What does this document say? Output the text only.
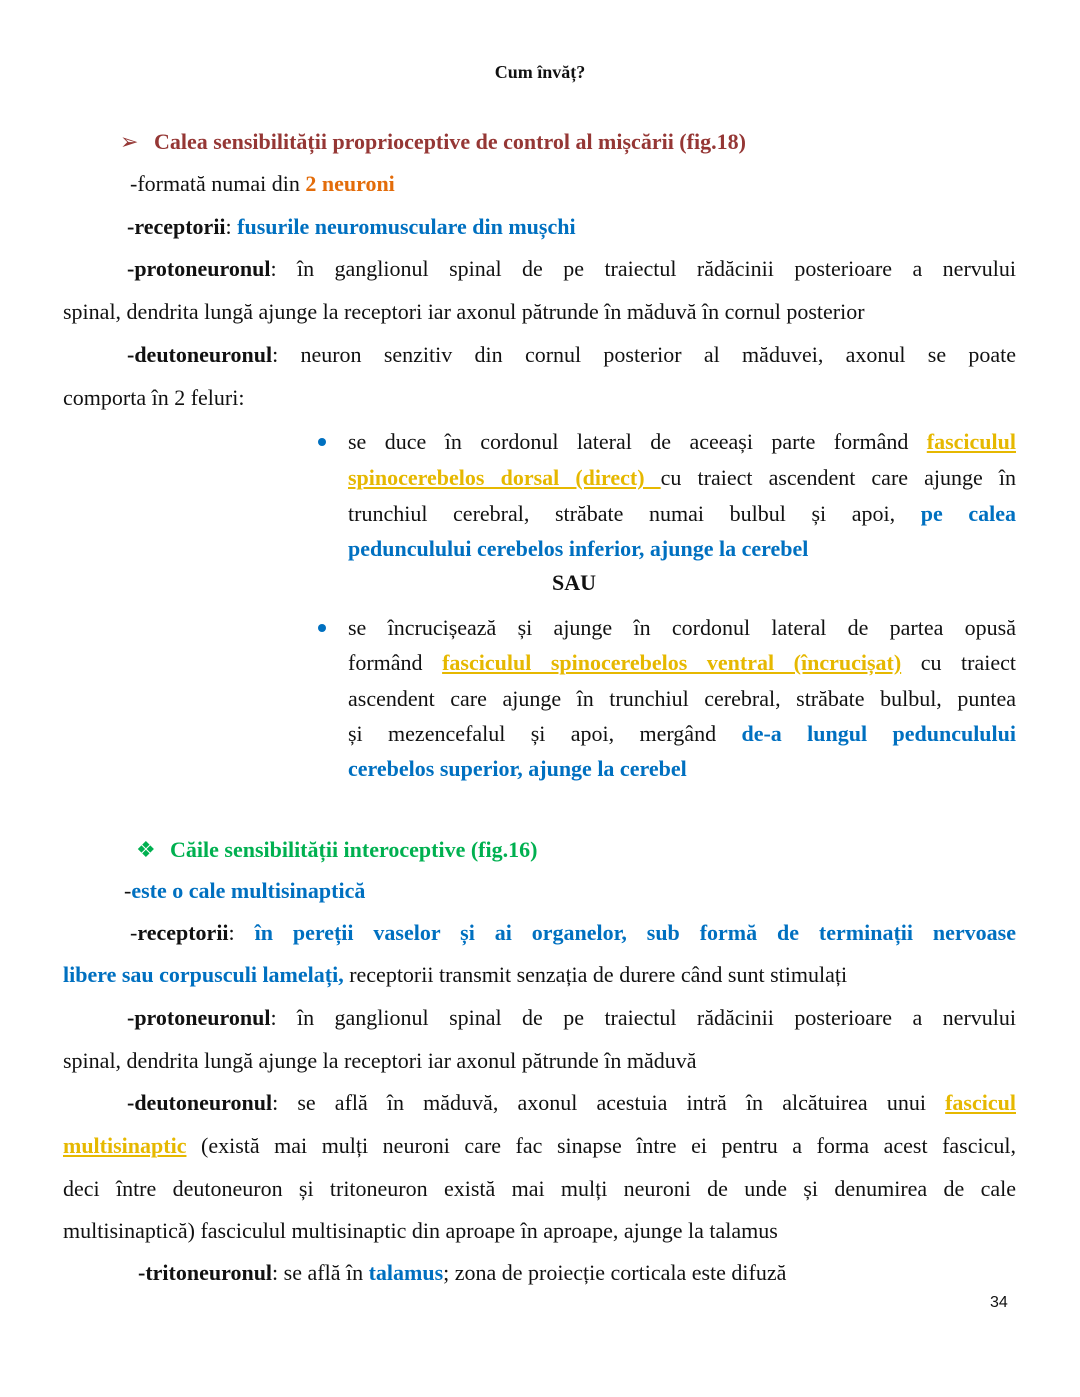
Cum învăț?
➢ Calea sensibilității proprioceptive de control al mișcării (fig.18)
-formată numai din 2 neuroni
-receptorii: fusurile neuromusculare din mușchi
-protoneuronul: în ganglionul spinal de pe traiectul rădăcinii posterioare a nervului
spinal, dendrita lungă ajunge la receptori iar axonul pătrunde în măduvă în cornul posterior
-deutoneuronul: neuron senzitiv din cornul posterior al măduvei, axonul se poate
comporta în 2 feluri:
se duce în cordonul lateral de aceeași parte formând fasciculul
spinocerebelos dorsal (direct) cu traiect ascendent care ajunge în
trunchiul cerebral, străbate numai bulbul și apoi, pe calea
pedunculului cerebelos inferior, ajunge la cerebel
SAU
se încrucișează și ajunge în cordonul lateral de partea opusă
formând fasciculul spinocerebelos ventral (încrucișat) cu traiect
ascendent care ajunge în trunchiul cerebral, străbate bulbul, puntea
și mezencefalul și apoi, mergând de-a lungul pedunculului
cerebelos superior, ajunge la cerebel
❖ Căile sensibilității interoceptive (fig.16)
-este o cale multisinaptică
-receptorii: în pereții vaselor și ai organelor, sub formă de terminații nervoase
libere sau corpusculi lamelați, receptorii transmit senzația de durere când sunt stimulați
-protoneuronul: în ganglionul spinal de pe traiectul rădăcinii posterioare a nervului
spinal, dendrita lungă ajunge la receptori iar axonul pătrunde în măduvă
-deutoneuronul: se află în măduvă, axonul acestuia intră în alcătuirea unui fascicul
multisinaptic (există mai mulți neuroni care fac sinapse între ei pentru a forma acest fascicul,
deci între deutoneuron și tritoneuron există mai mulți neuroni de unde și denumirea de cale
multisinaptică) fasciculul multisinaptic din aproape în aproape, ajunge la talamus
-tritoneuronul: se află în talamus; zona de proiecție corticala este difuză
34
